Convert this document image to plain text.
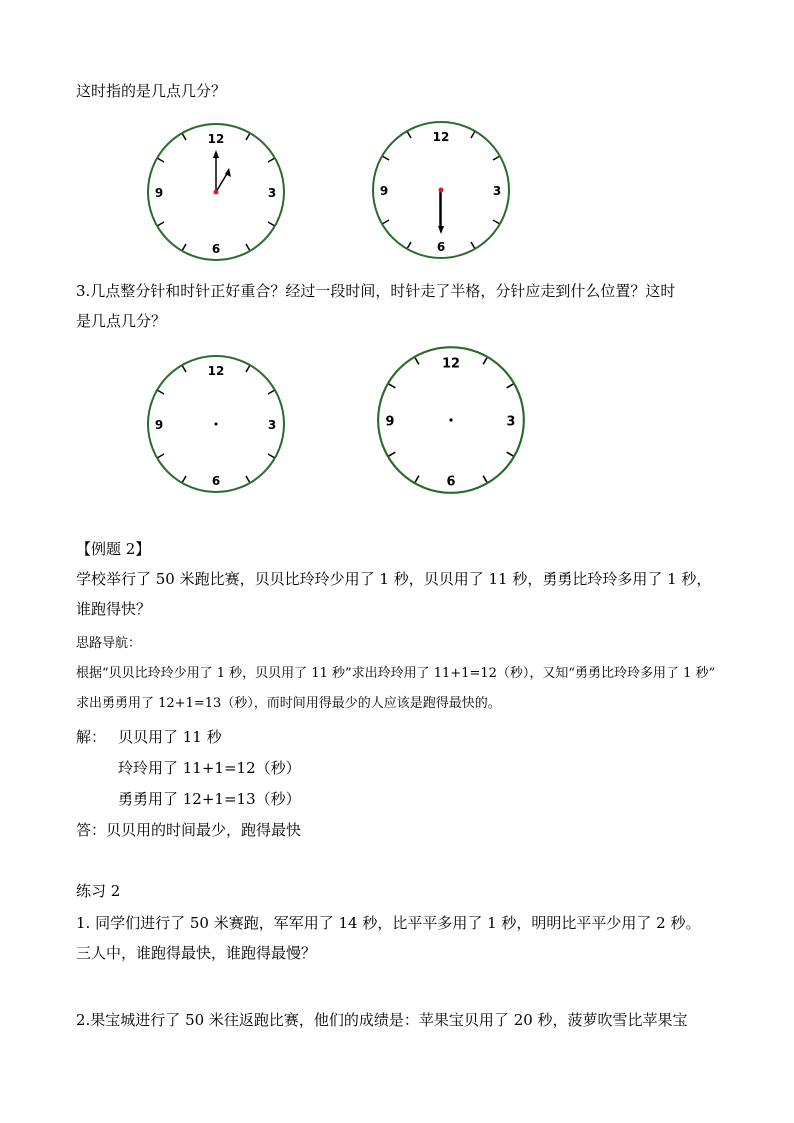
这时指的是几点几分？
12
3
6
9
12
3
6
9
3.几点整分针和时针正好重合？经过一段时间，时针走了半格，分针应走到什么位置？这时
是几点几分？
12
3
6
9
12
3
6
9
【例题 2】
学校举行了 50 米跑比赛，贝贝比玲玲少用了 1 秒，贝贝用了 11 秒，勇勇比玲玲多用了 1 秒，
谁跑得快？
思路导航：
根据“贝贝比玲玲少用了 1 秒，贝贝用了 11 秒”求出玲玲用了 11+1=12（秒），又知“勇勇比玲玲多用了 1 秒”
求出勇勇用了 12+1=13（秒），而时间用得最少的人应该是跑得最快的。
解： 贝贝用了 11 秒
玲玲用了 11+1=12（秒）
勇勇用了 12+1=13（秒）
答：贝贝用的时间最少，跑得最快
练习 2
1. 同学们进行了 50 米赛跑，军军用了 14 秒，比平平多用了 1 秒，明明比平平少用了 2 秒。
三人中，谁跑得最快，谁跑得最慢？
2.果宝城进行了 50 米往返跑比赛，他们的成绩是：苹果宝贝用了 20 秒，菠萝吹雪比苹果宝
